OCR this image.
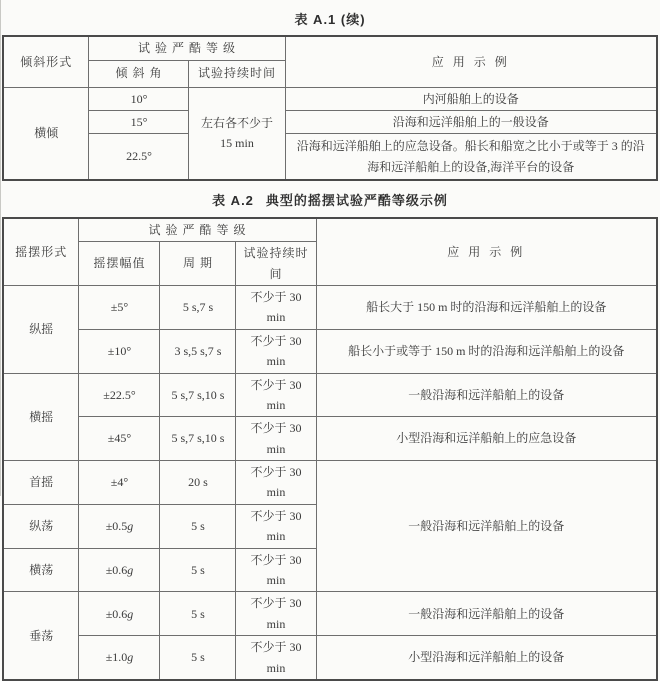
表 A.1 (续)
倾斜形式	试 验 严 酷 等 级		应 用 示 例
	倾 斜 角	试验持续时间	
横倾	10°	左右各不少于 15 min	内河船舶上的设备
	15°		沿海和远洋船舶上的一般设备
	22.5°		沿海和远洋船舶上的应急设备。船长和船宽之比小于或等于 3 的沿海和远洋船舶上的设备,海洋平台的设备
表 A.2 典型的摇摆试验严酷等级示例
摇摆形式	试 验 严 酷 等 级			应 用 示 例
	摇摆幅值	周 期	试验持续时间	
纵摇	±5°	5 s,7 s	不少于 30 min	船长大于 150 m 时的沿海和远洋船舶上的设备
	±10°	3 s,5 s,7 s	不少于 30 min	船长小于或等于 150 m 时的沿海和远洋船舶上的设备
横摇	±22.5°	5 s,7 s,10 s	不少于 30 min	一般沿海和远洋船舶上的设备
	±45°	5 s,7 s,10 s	不少于 30 min	小型沿海和远洋船舶上的应急设备
首摇	±4°	20 s	不少于 30 min	一般沿海和远洋船舶上的设备
纵荡	±0.5g	5 s	不少于 30 min	
横荡	±0.6g	5 s	不少于 30 min	
垂荡	±0.6g	5 s	不少于 30 min	一般沿海和远洋船舶上的设备
	±1.0g	5 s	不少于 30 min	小型沿海和远洋船舶上的设备
